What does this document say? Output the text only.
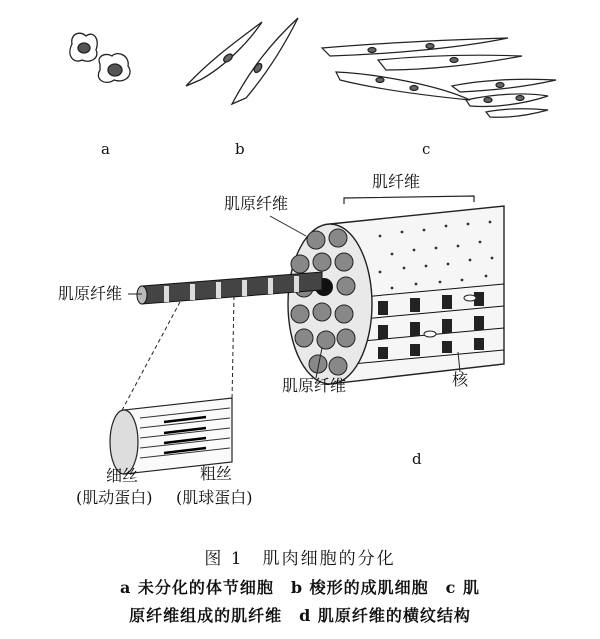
a	b	c
d
肌纤维
肌原纤维
肌原纤维
肌原纤维	核
细丝
(肌动蛋白)
粗丝
(肌球蛋白)
图 1　肌肉细胞的分化
a 未分化的体节细胞　b 梭形的成肌细胞　c 肌
原纤维组成的肌纤维　d 肌原纤维的横纹结构
